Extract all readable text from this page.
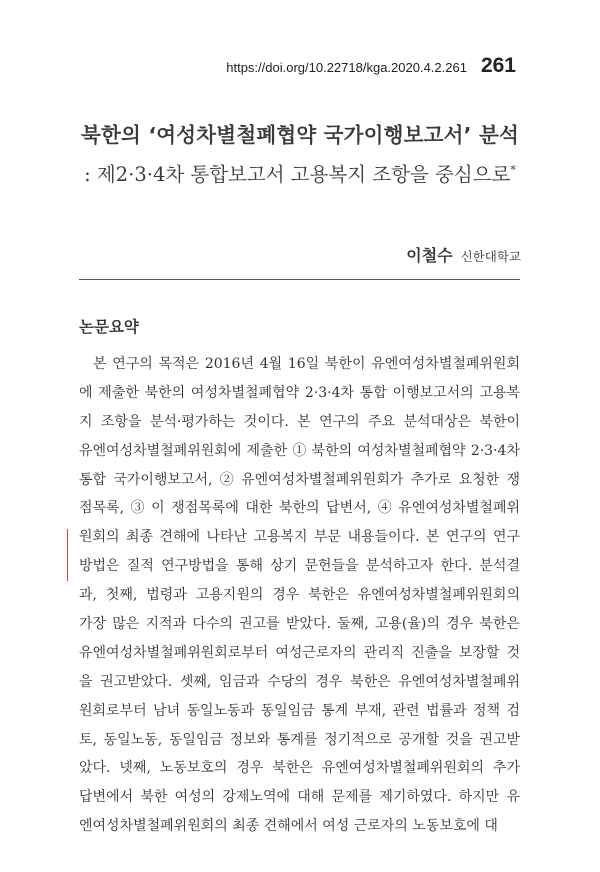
https://doi.org/10.22718/kga.2020.4.2.261 261
북한의 ‘여성차별철폐협약 국가이행보고서’ 분석
: 제2·3·4차 통합보고서 고용복지 조항을 중심으로*
이철수 신한대학교
논문요약
본 연구의 목적은 2016년 4월 16일 북한이 유엔여성차별철폐위원회
에 제출한 북한의 여성차별철폐협약 2·3·4차 통합 이행보고서의 고용복
지 조항을 분석·평가하는 것이다. 본 연구의 주요 분석대상은 북한이
유엔여성차별철폐위원회에 제출한 ① 북한의 여성차별철폐협약 2·3·4차
통합 국가이행보고서, ② 유엔여성차별철폐위원회가 추가로 요청한 쟁
점목록, ③ 이 쟁점목록에 대한 북한의 답변서, ④ 유엔여성차별철폐위
원회의 최종 견해에 나타난 고용복지 부문 내용들이다. 본 연구의 연구
방법은 질적 연구방법을 통해 상기 문헌들을 분석하고자 한다. 분석결
과, 첫째, 법령과 고용지원의 경우 북한은 유엔여성차별철폐위원회의
가장 많은 지적과 다수의 권고를 받았다. 둘째, 고용(율)의 경우 북한은
유엔여성차별철폐위원회로부터 여성근로자의 관리직 진출을 보장할 것
을 권고받았다. 셋째, 임금과 수당의 경우 북한은 유엔여성차별철폐위
원회로부터 남녀 동일노동과 동일임금 통계 부재, 관련 법률과 정책 검
토, 동일노동, 동일임금 정보와 통계를 정기적으로 공개할 것을 권고받
았다. 넷째, 노동보호의 경우 북한은 유엔여성차별철폐위원회의 추가
답변에서 북한 여성의 강제노역에 대해 문제를 제기하였다. 하지만 유
엔여성차별철폐위원회의 최종 견해에서 여성 근로자의 노동보호에 대
